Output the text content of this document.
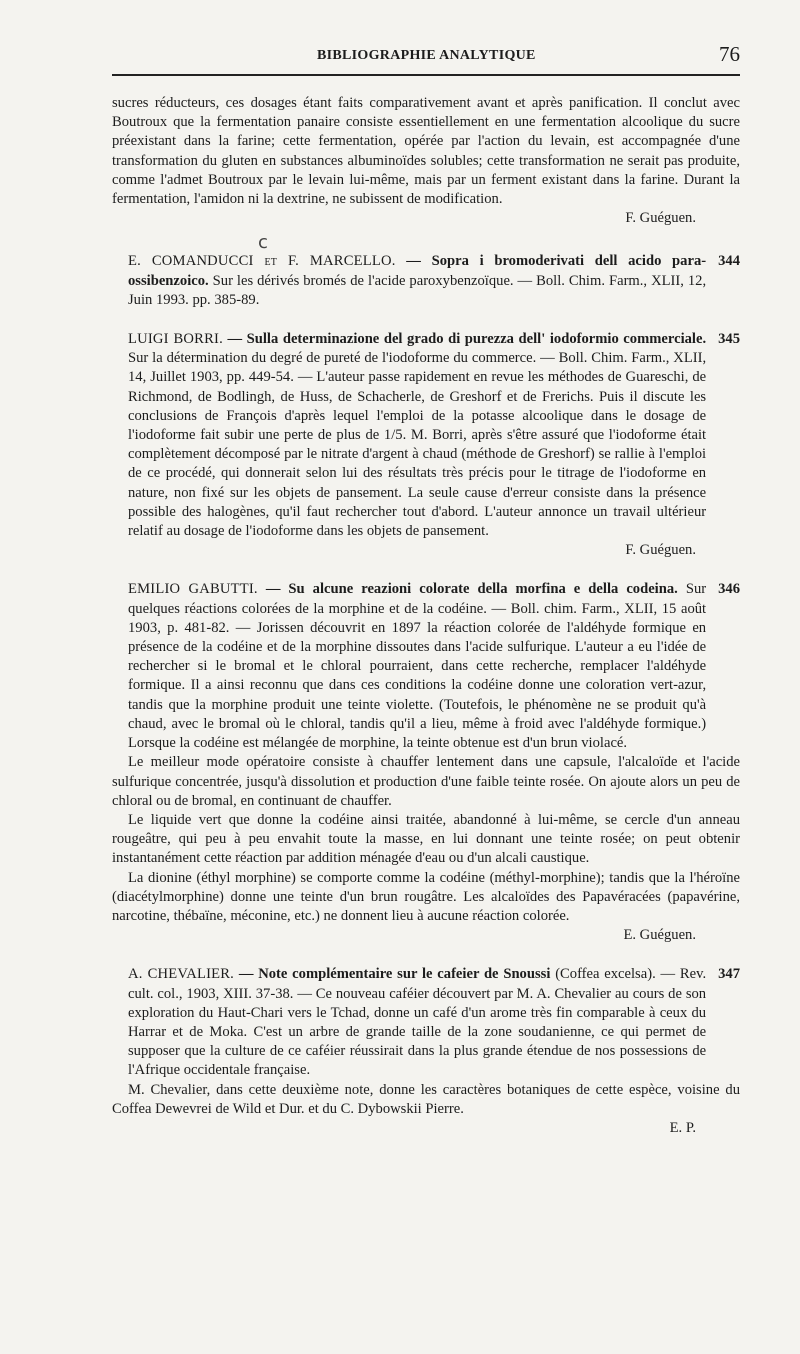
BIBLIOGRAPHIE ANALYTIQUE	76
c

sucres réducteurs, ces dosages étant faits comparativement avant et après panification. Il conclut avec Boutroux que la fermentation panaire consiste essentiellement en une fermentation alcoolique du sucre préexistant dans la farine; cette fermentation, opérée par l'action du levain, est accompagnée d'une transformation du gluten en substances albuminoïdes solubles; cette transformation ne serait pas produite, comme l'admet Boutroux par le levain lui-même, mais par un ferment existant dans la farine. Durant la fermentation, l'amidon ni la dextrine, ne subissent de modification.

F. Guéguen.

E. COMANDUCCI et F. MARCELLO. — Sopra i bromoderivati dell acido para-ossibenzoico. Sur les dérivés bromés de l'acide paroxybenzoïque. — Boll. Chim. Farm., XLII, 12, Juin 1993. pp. 385-89.

344

LUIGI BORRI. — Sulla determinazione del grado di purezza dell' iodoformio commerciale. Sur la détermination du degré de pureté de l'iodoforme du commerce. — Boll. Chim. Farm., XLII, 14, Juillet 1903, pp. 449-54. — L'auteur passe rapidement en revue les méthodes de Guareschi, de Richmond, de Bodlingh, de Huss, de Schacherle, de Greshorf et de Frerichs. Puis il discute les conclusions de François d'après lequel l'emploi de la potasse alcoolique dans le dosage de l'iodoforme fait subir une perte de plus de 1/5. M. Borri, après s'être assuré que l'iodoforme était complètement décomposé par le nitrate d'argent à chaud (méthode de Greshorf) se rallie à l'emploi de ce procédé, qui donnerait selon lui des résultats très précis pour le titrage de l'iodoforme en nature, non fixé sur les objets de pansement. La seule cause d'erreur consiste dans la présence possible des halogènes, qu'il faut rechercher tout d'abord. L'auteur annonce un travail ultérieur relatif au dosage de l'iodoforme dans les objets de pansement.

345

F. Guéguen.

EMILIO GABUTTI. — Su alcune reazioni colorate della morfina e della codeina. Sur quelques réactions colorées de la morphine et de la codéine. — Boll. chim. Farm., XLII, 15 août 1903, p. 481-82. — Jorissen découvrit en 1897 la réaction colorée de l'aldéhyde formique en présence de la codéine et de la morphine dissoutes dans l'acide sulfurique. L'auteur a eu l'idée de rechercher si le bromal et le chloral pourraient, dans cette recherche, remplacer l'aldéhyde formique. Il a ainsi reconnu que dans ces conditions la codéine donne une coloration vert-azur, tandis que la morphine produit une teinte violette. (Toutefois, le phénomène ne se produit qu'à chaud, avec le bromal où le chloral, tandis qu'il a lieu, même à froid avec l'aldéhyde formique.) Lorsque la codéine est mélangée de morphine, la teinte obtenue est d'un brun violacé.

346

Le meilleur mode opératoire consiste à chauffer lentement dans une capsule, l'alcaloïde et l'acide sulfurique concentrée, jusqu'à dissolution et production d'une faible teinte rosée. On ajoute alors un peu de chloral ou de bromal, en continuant de chauffer.

Le liquide vert que donne la codéine ainsi traitée, abandonné à lui-même, se cercle d'un anneau rougeâtre, qui peu à peu envahit toute la masse, en lui donnant une teinte rosée; on peut obtenir instantanément cette réaction par addition ménagée d'eau ou d'un alcali caustique.

La dionine (éthyl morphine) se comporte comme la codéine (méthyl-morphine); tandis que la l'héroïne (diacétylmorphine) donne une teinte d'un brun rougâtre. Les alcaloïdes des Papavéracées (papavérine, narcotine, thébaïne, méconine, etc.) ne donnent lieu à aucune réaction colorée.

E. Guéguen.

A. CHEVALIER. — Note complémentaire sur le cafeier de Snoussi (Coffea excelsa). — Rev. cult. col., 1903, XIII. 37-38. — Ce nouveau caféier découvert par M. A. Chevalier au cours de son exploration du Haut-Chari vers le Tchad, donne un café d'un arome très fin comparable à ceux du Harrar et de Moka. C'est un arbre de grande taille de la zone soudanienne, ce qui permet de supposer que la culture de ce caféier réussirait dans la plus grande étendue de nos possessions de l'Afrique occidentale française.

347

M. Chevalier, dans cette deuxième note, donne les caractères botaniques de cette espèce, voisine du Coffea Dewevrei de Wild et Dur. et du C. Dybowskii Pierre.

E. P.
